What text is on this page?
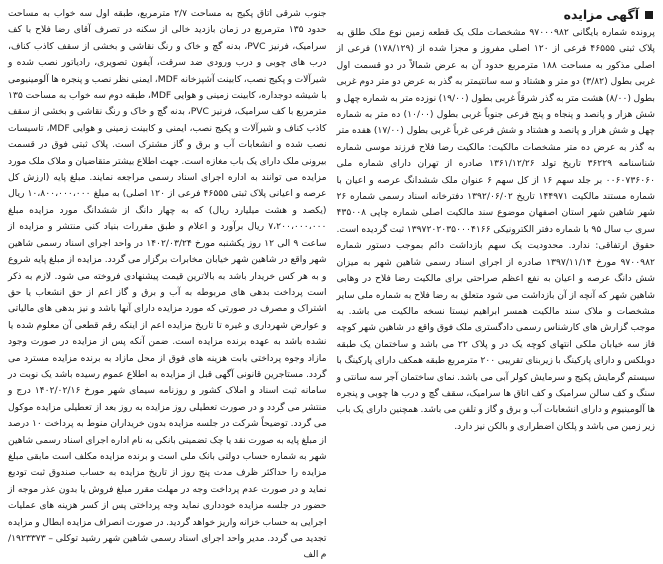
آگهی مزایده

پرونده شماره بایگانی ۹۷۰۰۰۹۸۲ مشخصات ملک یک قطعه زمین نوع ملک طلق به پلاک ثبتی ۴۶۵۵۵ فرعی از ۱۲۰ اصلی مفروز و مجزا شده از (۱۷۸/۱۲۹) فرعی از اصلی مذکور به مساحت ۱۸۸ مترمربع حدود آن به عرض شمالاً در دو قسمت اول غربی بطول (۳/۸۲) دو متر و هشتاد و سه سانتیمتر به گذر به عرض دو متر دوم غربی بطول (۸/۰۰) هشت متر به گذر شرقاً غربی بطول (۱۹/۰۰) نوزده متر به شماره چهل و شش هزار و پانصد و پنجاه و پنج فرعی جنوباً غربی بطول (۱۰/۰۰) ده متر به شماره چهل و شش هزار و پانصد و هشتاد و شش فرعی غرباً غربی بطول (۱۷/۰۰) هفده متر به گذر به عرض ده متر مشخصات مالکیت: مالکیت رضا فلاح فرزند موسی شماره شناسنامه ۳۶۲۲۹ تاریخ تولد ۱۳۶۱/۱۲/۲۶ صادره از تهران دارای شماره ملی ۰۰۶۰۷۳۶۰۶۰ بر جلد سهم ۱۶ از کل سهم ۶ عنوان ملک ششدانگ عرصه و اعیان با شماره مستند مالکیت ۱۴۴۹۷۱ تاریخ ۱۳۹۲/۰۶/۰۲ دفترخانه اسناد رسمی شماره ۲۶ شهر شاهین شهر استان اصفهان موضوع سند مالکیت اصلی شماره چاپی ۴۳۵۰۰۸ سری ب سال ۹۵ با شماره دفتر الکترونیکی ۱۳۹۷۲۰۲۰۳۵۰۰۰۴۱۶۶ ثبت گردیده است. حقوق ارتفاقی: ندارد. محدودیت یک سهم بازداشت دائم بموجب دستور شماره ۹۷۰۰۹۸۲ مورخ ۱۳۹۷/۱۱/۱۴ صادره از اجرای اسناد رسمی شاهین شهر به میزان شش دانگ عرصه و اعیان به نفع اعظم صراحتی برای مالکیت رضا فلاح در وهابی شاهین شهر که آنچه از آن بازداشت می شود متعلق به رضا فلاح به شماره ملی سایر مشخصات و ملاک سند مالکیت همسر ابراهیم نیستا نسخه مالکیت می باشد. به موجب گزارش های کارشناس رسمی دادگستری ملک فوق واقع در شاهین شهر کوچه فاز سه خیابان ملکی انتهای کوچه یک در و پلاک ۲۲ می باشد و ساختمان یک طبقه دوبلکس و دارای پارکینگ با زیربنای تقریبی ۲۰۰ مترمربع طبقه همکف دارای پارکینگ با سیستم گرمایش پکیج و سرمایش کولر آبی می باشد. نمای ساختمان آجر سه سانتی و سنگ و کف سالن سرامیک و کف اتاق ها سرامیک، سقف گچ و درب ها چوبی و پنجره ها آلومینیوم و دارای انشعابات آب و برق و گاز و تلفن می باشد. همچنین دارای یک باب زیر زمین می باشد و پلکان اضطراری و بالکن نیز دارد.

جنوب شرقی اتاق پکیج به مساحت ۲/۷ مترمربع، طبقه اول سه خواب به مساحت حدود ۱۳۵ مترمربع در زمان بازدید خالی از سکنه در تصرف آقای رضا فلاح با کف سرامیک، فرنیز PVC، بدنه گچ و خاک و رنگ نقاشی و بخشی از سقف کاذب کناف، درب های چوبی و درب ورودی ضد سرقت، آیفون تصویری، رادیاتور نصب شده و شیرآلات و پکیج نصب، کابینت آشپزخانه MDF، ایمنی نظر نصب و پنجره ها آلومینیومی با شیشه دوجداره، کابینت زمینی و هوایی MDF، طبقه دوم سه خواب به مساحت ۱۳۵ مترمربع با کف سرامیک، فرنیز PVC، بدنه گچ و خاک و رنگ نقاشی و بخشی از سقف کاذب کناف و شیرآلات و پکیج نصب، ایمنی و کابینت زمینی و هوایی MDF، تاسیسات نصب شده و انشعابات آب و برق و گاز مشترک است. پلاک ثبتی فوق در قسمت بیرونی ملک دارای یک باب مغازه است. جهت اطلاع بیشتر متقاضیان و ملاک ملک مورد مزایده می توانند به اداره اجرای اسناد رسمی مراجعه نمایند. مبلغ پایه (ارزش کل عرصه و اعیانی پلاک ثبتی ۴۶۵۵۵ فرعی از ۱۲۰ اصلی) به مبلغ ۱۰،۸۰۰،۰۰۰،۰۰۰ ریال (یکصد و هشت میلیارد ریال) که به چهار دانگ از ششدانگ مورد مزایده مبلغ ۷،۲۰۰،۰۰۰،۰۰۰ ریال برآورد و اعلام و طبق مقررات بنیاد کنی منتشر و مزایده از ساعت ۹ الی ۱۲ روز یکشنبه مورخ ۱۴۰۲/۰۳/۲۴ در واحد اجرای اسناد رسمی شاهین شهر واقع در شاهین شهر خیابان مخابرات برگزار می گردد. مزایده از مبلغ پایه شروع و به هر کس خریدار باشد به بالاترین قیمت پیشنهادی فروخته می شود. لازم به ذکر است پرداخت بدهی های مربوطه به آب و برق و گاز اعم از حق انشعاب یا حق اشتراک و مصرف در صورتی که مورد مزایده دارای آنها باشد و نیز بدهی های مالیاتی و عوارض شهرداری و غیره تا تاریخ مزایده اعم از اینکه رقم قطعی آن معلوم شده یا نشده باشد به عهده برنده مزایده است. ضمن آنکه پس از مزایده در صورت وجود مازاد وجوه پرداختی بابت هزینه های فوق از محل مازاد به برنده مزایده مسترد می گردد. مستاجرین قانونی آگهی قبل از مزایده به اطلاع عموم رسیده باشد یک نوبت در سامانه ثبت اسناد و املاک کشور و روزنامه سیمای شهر مورخ ۱۴۰۲/۰۲/۱۶ درج و منتشر می گردد و در صورت تعطیلی روز مزایده به روز بعد از تعطیلی مزایده موکول می گردد. توضیحاً شرکت در جلسه مزایده بدون خریداران منوط به پرداخت ۱۰ درصد از مبلغ پایه به صورت نقد یا چک تضمینی بانکی به نام اداره اجرای اسناد رسمی شاهین شهر به شماره حساب دولتی بانک ملی است و برنده مزایده مکلف است مابقی مبلغ مزایده را حداکثر ظرف مدت پنج روز از تاریخ مزایده به حساب صندوق ثبت تودیع نماید و در صورت عدم پرداخت وجه در مهلت مقرر مبلغ فروش یا بدون عذر موجه از حضور در جلسه مزایده خودداری نماید وجه پرداختی پس از کسر هزینه های عملیات اجرایی به حساب خزانه واریز خواهد گردید. در صورت انصراف مزایده ابطال و مزایده تجدید می گردد. مدیر واحد اجرای اسناد رسمی شاهین شهر رشید توکلی – ۱۹۲۳۳۷۳/م الف
